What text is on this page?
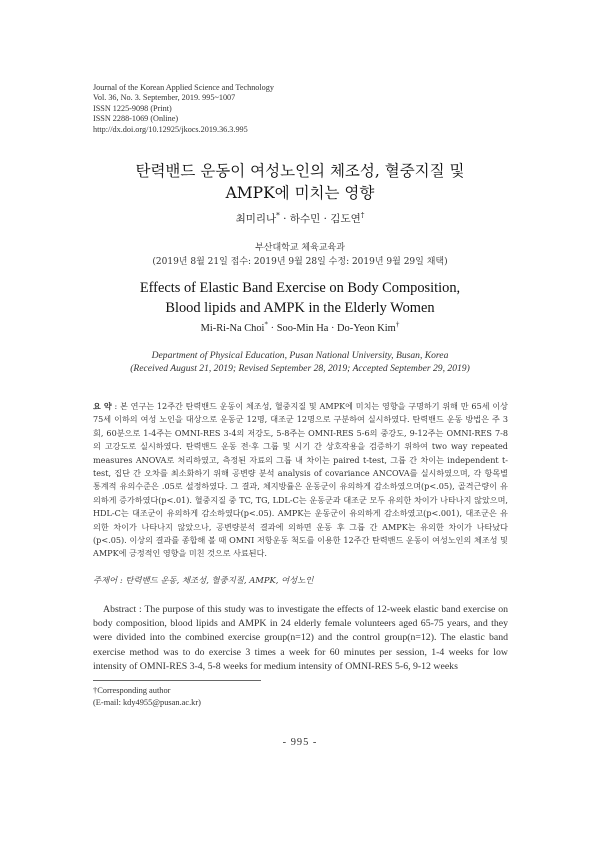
Journal of the Korean Applied Science and Technology
Vol. 36, No. 3. September, 2019. 995~1007
ISSN 1225-9098 (Print)
ISSN 2288-1069 (Online)
http://dx.doi.org/10.12925/jkocs.2019.36.3.995
탄력밴드 운동이 여성노인의 체조성, 혈중지질 및
AMPK에 미치는 영향
최미리나* · 하수민 · 김도연†
부산대학교 체육교육과
(2019년 8월 21일 접수: 2019년 9월 28일 수정: 2019년 9월 29일 채택)
Effects of Elastic Band Exercise on Body Composition,
Blood lipids and AMPK in the Elderly Women
Mi-Ri-Na Choi* · Soo-Min Ha · Do-Yeon Kim†
Department of Physical Education, Pusan National University, Busan, Korea
(Received August 21, 2019; Revised September 28, 2019; Accepted September 29, 2019)
요 약 : 본 연구는 12주간 탄력밴드 운동이 체조성, 혈중지질 및 AMPK에 미치는 영향을 구명하기 위해 만 65세 이상 75세 이하의 여성 노인을 대상으로 운동군 12명, 대조군 12명으로 구분하여 실시하였다. 탄력밴드 운동 방법은 주 3회, 60분으로 1-4주는 OMNI-RES 3-4의 저강도, 5-8주는 OMNI-RES 5-6의 중강도, 9-12주는 OMNI-RES 7-8의 고강도로 실시하였다. 탄력밴드 운동 전·후 그룹 및 시기 간 상호작용을 검증하기 위하여 two way repeated measures ANOVA로 처리하였고, 측정된 자료의 그룹 내 차이는 paired t-test, 그룹 간 차이는 independent t-test, 집단 간 오차를 최소화하기 위해 공변량 분석 analysis of covariance ANCOVA를 실시하였으며, 각 항목별 통계적 유의수준은 .05로 설정하였다. 그 결과, 체지방률은 운동군이 유의하게 감소하였으며(p<.05), 골격근량이 유의하게 증가하였다(p<.01). 혈중지질 중 TC, TG, LDL-C는 운동군과 대조군 모두 유의한 차이가 나타나지 않았으며, HDL-C는 대조군이 유의하게 감소하였다(p<.05). AMPK는 운동군이 유의하게 감소하였고(p<.001), 대조군은 유의한 차이가 나타나지 않았으나, 공변량분석 결과에 의하면 운동 후 그룹 간 AMPK는 유의한 차이가 나타났다(p<.05). 이상의 결과를 종합해 볼 때 OMNI 저항운동 척도를 이용한 12주간 탄력밴드 운동이 여성노인의 체조성 및 AMPK에 긍정적인 영향을 미친 것으로 사료된다.
주제어 : 탄력밴드 운동, 체조성, 혈중지질, AMPK, 여성노인
Abstract : The purpose of this study was to investigate the effects of 12-week elastic band exercise on body composition, blood lipids and AMPK in 24 elderly female volunteers aged 65-75 years, and they were divided into the combined exercise group(n=12) and the control group(n=12). The elastic band exercise method was to do exercise 3 times a week for 60 minutes per session, 1-4 weeks for low intensity of OMNI-RES 3-4, 5-8 weeks for medium intensity of OMNI-RES 5-6, 9-12 weeks
†Corresponding author
(E-mail: kdy4955@pusan.ac.kr)
- 995 -
